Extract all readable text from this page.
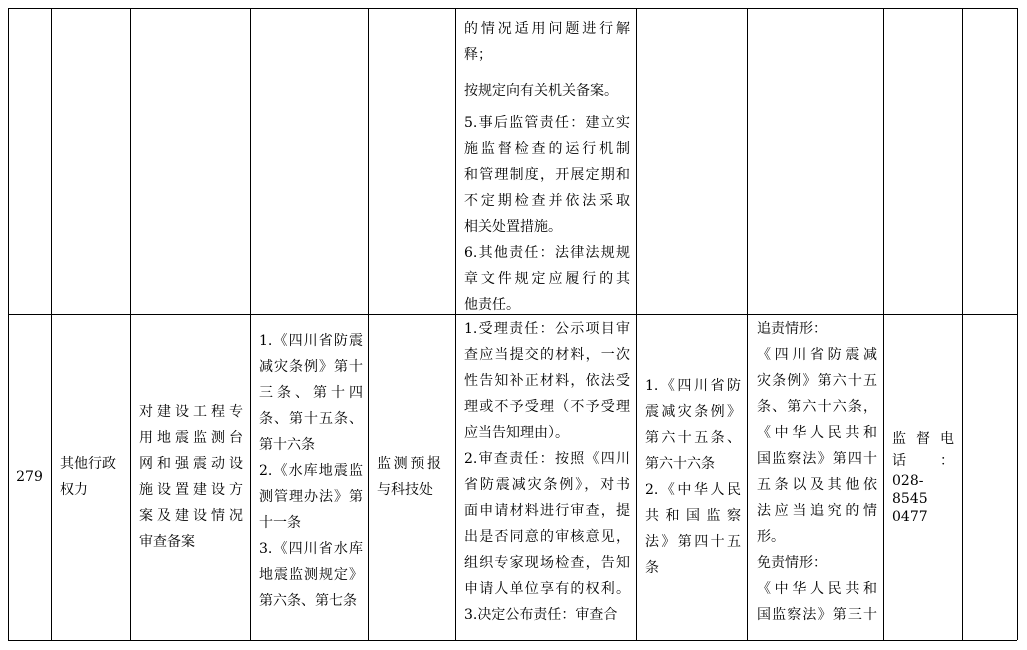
的情况适用问题进行解释；

按规定向有关机关备案。

5.事后监管责任：建立实

施监督检查的运行机制

和管理制度，开展定期和

不定期检查并依法采取

相关处置措施。

6.其他责任：法律法规规

章文件规定应履行的其

他责任。

279

其他行政

权力

对建设工程专

用地震监测台

网和强震动设

施设置建设方

案及建设情况

审查备案

1.《四川省防震

减灾条例》第十

三条、第十四

条、第十五条、

第十六条

2.《水库地震监

测管理办法》第

十一条

3.《四川省水库

地震监测规定》

第六条、第七条

监测预报

与科技处

1.受理责任：公示项目审

查应当提交的材料，一次

性告知补正材料，依法受

理或不予受理（不予受理

应当告知理由）。

2.审查责任：按照《四川

省防震减灾条例》，对书

面申请材料进行审查，提

出是否同意的审核意见，

组织专家现场检查，告知

申请人单位享有的权利。

3.决定公布责任：审查合

1.《四川省防

震减灾条例》

第六十五条、

第六十六条

2.《中华人民

共和国监察

法》第四十五

条

追责情形：

《四川省防震减

灾条例》第六十五

条、第六十六条，

《中华人民共和

国监察法》第四十

五条以及其他依

法应当追究的情

形。

免责情形：

《中华人民共和

国监察法》第三十

监督电

话：

028-8545

0477
